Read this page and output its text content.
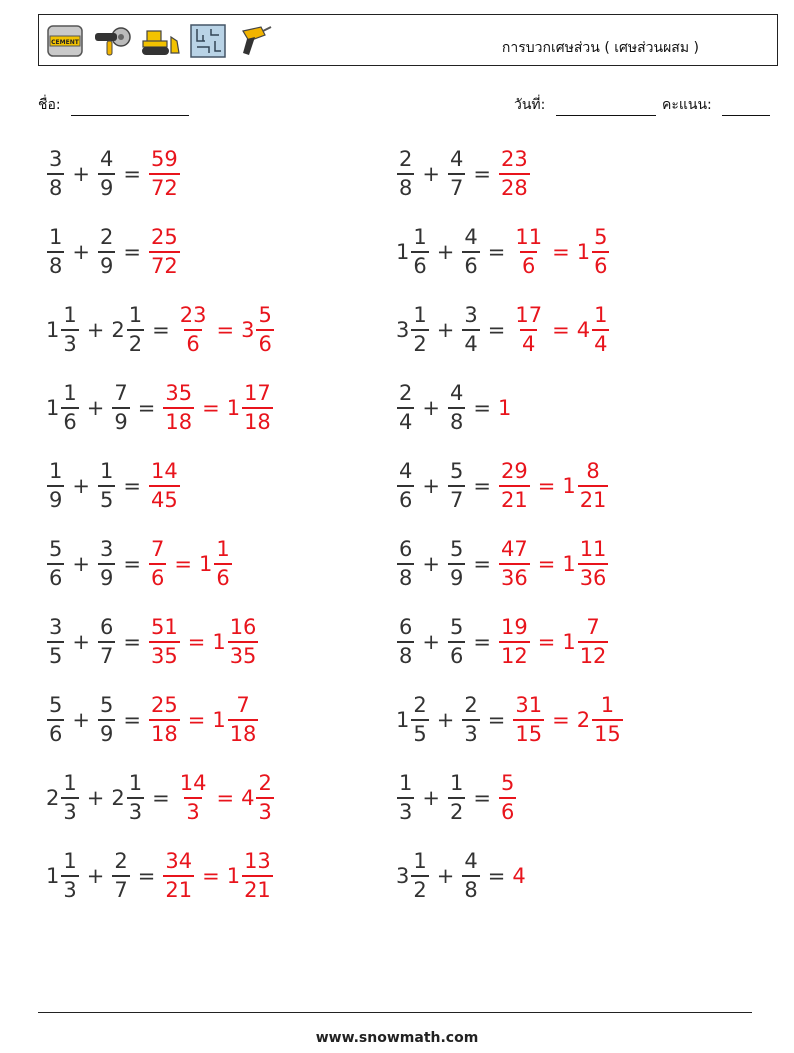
CEMENT	การบวกเศษส่วน ( เศษส่วนผสม )
ชื่อ:	วันที่:	คะแนน:
$\frac{3}{8} + \frac{4}{9} = \frac{59}{72}$	$\frac{2}{8} + \frac{4}{7} = \frac{23}{28}$
$\frac{1}{8} + \frac{2}{9} = \frac{25}{72}$	$1 \frac{1}{6} + \frac{4}{6} = \frac{11}{6} = 1 \frac{5}{6}$
$1 \frac{1}{3} + 2 \frac{1}{2} = \frac{23}{6} = 3 \frac{5}{6}$	$3 \frac{1}{2} + \frac{3}{4} = \frac{17}{4} = 4 \frac{1}{4}$
$1 \frac{1}{6} + \frac{7}{9} = \frac{35}{18} = 1 \frac{17}{18}$	$\frac{2}{4} + \frac{4}{8} = 1$
$\frac{1}{9} + \frac{1}{5} = \frac{14}{45}$	$\frac{4}{6} + \frac{5}{7} = \frac{29}{21} = 1 \frac{8}{21}$
$\frac{5}{6} + \frac{3}{9} = \frac{7}{6} = 1 \frac{1}{6}$	$\frac{6}{8} + \frac{5}{9} = \frac{47}{36} = 1 \frac{11}{36}$
$\frac{3}{5} + \frac{6}{7} = \frac{51}{35} = 1 \frac{16}{35}$	$\frac{6}{8} + \frac{5}{6} = \frac{19}{12} = 1 \frac{7}{12}$
$\frac{5}{6} + \frac{5}{9} = \frac{25}{18} = 1 \frac{7}{18}$	$1 \frac{2}{5} + \frac{2}{3} = \frac{31}{15} = 2 \frac{1}{15}$
$2 \frac{1}{3} + 2 \frac{1}{3} = \frac{14}{3} = 4 \frac{2}{3}$	$\frac{1}{3} + \frac{1}{2} = \frac{5}{6}$
$1 \frac{1}{3} + \frac{2}{7} = \frac{34}{21} = 1 \frac{13}{21}$	$3 \frac{1}{2} + \frac{4}{8} = 4$
www.snowmath.com
